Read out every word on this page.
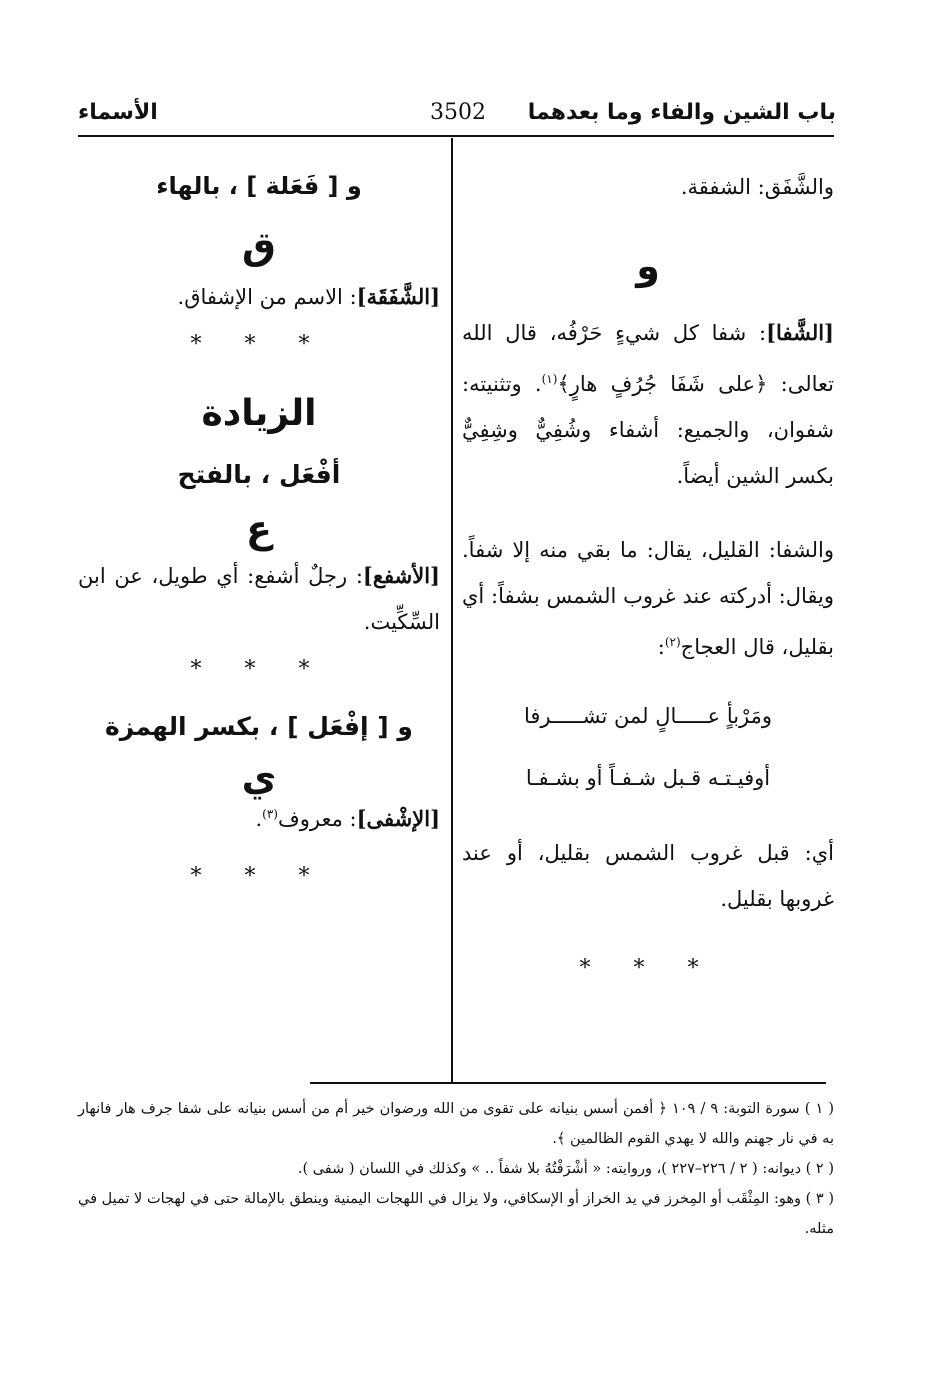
باب الشين والفاء وما بعدهما
3502
الأسماء

والشَّفَق: الشفقة.

و

[الشَّفا]: شفا كل شيءٍ حَرْفُه، قال الله تعالى: ﴿على شَفَا جُرُفٍ هارٍ﴾$^{(١)}$. وتثنيته: شفوان، والجميع: أشفاء وشُفِيٌّ وشِفِيٌّ بكسر الشين أيضاً.

والشفا: القليل، يقال: ما بقي منه إلا شفاً. ويقال: أدركته عند غروب الشمس بشفاً: أي بقليل، قال العجاج$^{(٢)}$:

ومَرْبأٍ عـــــالٍ لمن تشـــــرفا
أوفيـتـه قـبل شـفـاً أو بشـفـا

أي: قبل غروب الشمس بقليل، أو عند غروبها بقليل.

* * *
و [ فَعَلة ] ، بالهاء
ق

[الشَّفَقَة]: الاسم من الإشفاق.

* * *
الزيادة
أفْعَل ، بالفتح
ع

[الأشفع]: رجلٌ أشفع: أي طويل، عن ابن السِّكِّيت.

* * *
و [ إفْعَل ] ، بكسر الهمزة
ي

[الإشْفى]: معروف$^{(٣)}$.

* * *

( ١ ) سورة التوبة: ٩ / ١٠٩ ﴿ أفمن أسس بنيانه على تقوى من الله ورضوان خير أم من أسس بنيانه على شفا جرف هار فانهار به في نار جهنم والله لا يهدي القوم الظالمين ﴾.

( ٢ ) ديوانه: ( ٢ / ٢٢٦–٢٢٧ )، وروايته: « أشْرَفْتُهُ بلا شفاً .. » وكذلك في اللسان ( شفى ).

( ٣ ) وهو: المِثْقَب أو المِخرز في يد الخراز أو الإسكافي، ولا يزال في اللهجات اليمنية وينطق بالإمالة حتى في لهجات لا تميل في مثله.
